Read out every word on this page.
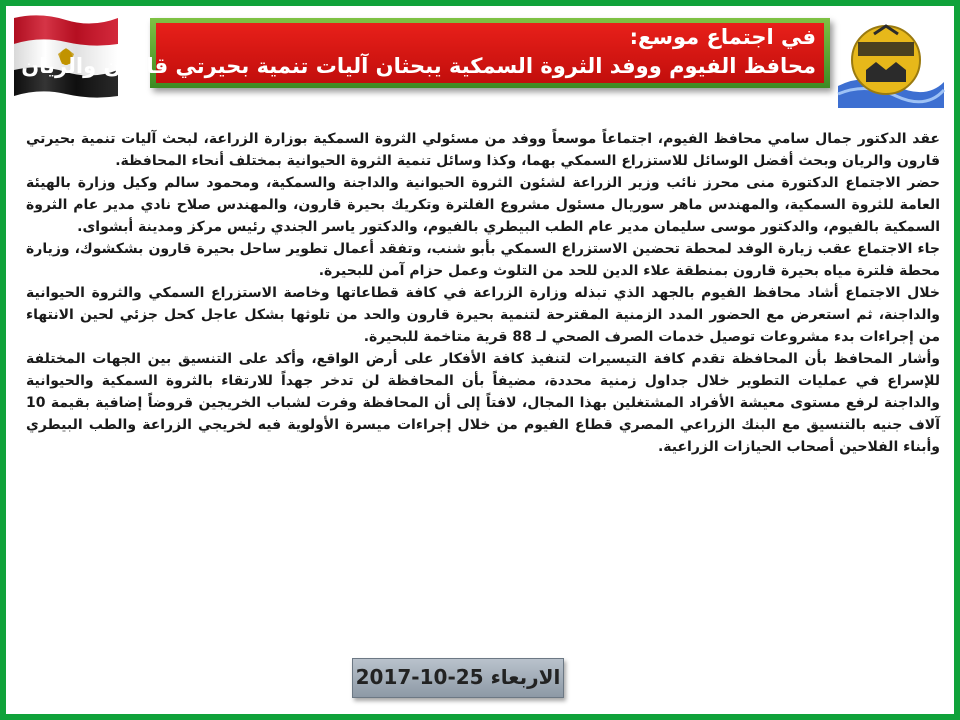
في اجتماع موسع:
محافظ الفيوم ووفد الثروة السمكية يبحثان آليات تنمية بحيرتي قارون والريان

عقد الدكتور جمال سامي محافظ الفيوم، اجتماعاً موسعاً ووفد من مسئولي الثروة السمكية بوزارة الزراعة، لبحث آليات تنمية بحيرتي قارون والريان وبحث أفضل الوسائل للاستزراع السمكي بهما، وكذا وسائل تنمية الثروة الحيوانية بمختلف أنحاء المحافظة.

حضر الاجتماع الدكتورة منى محرز نائب وزير الزراعة لشئون الثروة الحيوانية والداجنة والسمكية، ومحمود سالم وكيل وزارة بالهيئة العامة للثروة السمكية، والمهندس ماهر سوريال مسئول مشروع الفلترة وتكريك بحيرة قارون، والمهندس صلاح نادي مدير عام الثروة السمكية بالفيوم، والدكتور موسى سليمان مدير عام الطب البيطري بالفيوم، والدكتور ياسر الجندي رئيس مركز ومدينة أبشواى.

جاء الاجتماع عقب زيارة الوفد لمحطة تحضين الاستزراع السمكي بأبو شنب، وتفقد أعمال تطوير ساحل بحيرة قارون بشكشوك، وزيارة محطة فلترة مياه بحيرة قارون بمنطقة علاء الدين للحد من التلوث وعمل حزام آمن للبحيرة.

خلال الاجتماع أشاد محافظ الفيوم بالجهد الذي تبذله وزارة الزراعة في كافة قطاعاتها وخاصة الاستزراع السمكي والثروة الحيوانية والداجنة، ثم استعرض مع الحضور المدد الزمنية المقترحة لتنمية بحيرة قارون والحد من تلوثها بشكل عاجل كحل جزئي لحين الانتهاء من إجراءات بدء مشروعات توصيل خدمات الصرف الصحي لـ 88 قرية متاخمة للبحيرة.

وأشار المحافظ بأن المحافظة تقدم كافة التيسيرات لتنفيذ كافة الأفكار على أرض الواقع، وأكد على التنسيق بين الجهات المختلفة للإسراع في عمليات التطوير خلال جداول زمنية محددة، مضيفاً بأن المحافظة لن تدخر جهداً للارتقاء بالثروة السمكية والحيوانية والداجنة لرفع مستوى معيشة الأفراد المشتغلين بهذا المجال، لافتاً إلى أن المحافظة وفرت لشباب الخريجين قروضاً إضافية بقيمة 10 آلاف جنيه بالتنسيق مع البنك الزراعي المصري قطاع الفيوم من خلال إجراءات ميسرة الأولوية فيه لخريجي الزراعة والطب البيطري وأبناء الفلاحين أصحاب الحيازات الزراعية.

الاربعاء 25-10-2017
